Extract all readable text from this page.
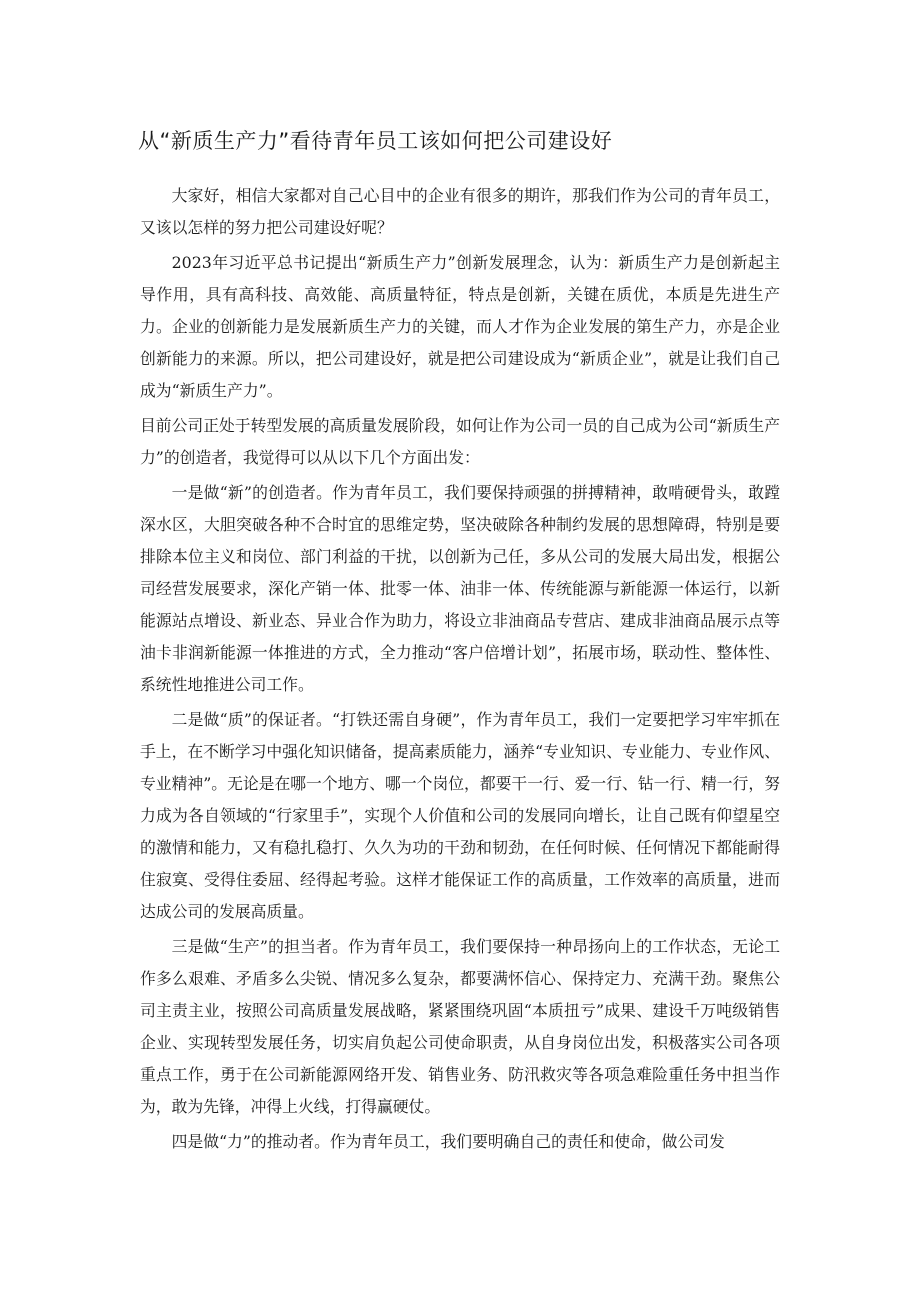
从“新质生产力”看待青年员工该如何把公司建设好

大家好，相信大家都对自己心目中的企业有很多的期许，那我们作为公司的青年员工，又该以怎样的努力把公司建设好呢？

2023年习近平总书记提出“新质生产力”创新发展理念，认为：新质生产力是创新起主导作用，具有高科技、高效能、高质量特征，特点是创新，关键在质优，本质是先进生产力。企业的创新能力是发展新质生产力的关键，而人才作为企业发展的第生产力，亦是企业创新能力的来源。所以，把公司建设好，就是把公司建设成为“新质企业”，就是让我们自己成为“新质生产力”。

目前公司正处于转型发展的高质量发展阶段，如何让作为公司一员的自己成为公司“新质生产力”的创造者，我觉得可以从以下几个方面出发：

一是做“新”的创造者。作为青年员工，我们要保持顽强的拼搏精神，敢啃硬骨头，敢蹚深水区，大胆突破各种不合时宜的思维定势，坚决破除各种制约发展的思想障碍，特别是要排除本位主义和岗位、部门利益的干扰，以创新为己任，多从公司的发展大局出发，根据公司经营发展要求，深化产销一体、批零一体、油非一体、传统能源与新能源一体运行，以新能源站点增设、新业态、异业合作为助力，将设立非油商品专营店、建成非油商品展示点等油卡非润新能源一体推进的方式，全力推动“客户倍增计划”，拓展市场，联动性、整体性、系统性地推进公司工作。

二是做“质”的保证者。“打铁还需自身硬”，作为青年员工，我们一定要把学习牢牢抓在手上，在不断学习中强化知识储备，提高素质能力，涵养“专业知识、专业能力、专业作风、专业精神”。无论是在哪一个地方、哪一个岗位，都要干一行、爱一行、钻一行、精一行，努力成为各自领域的“行家里手”，实现个人价值和公司的发展同向增长，让自己既有仰望星空的激情和能力，又有稳扎稳打、久久为功的干劲和韧劲，在任何时候、任何情况下都能耐得住寂寞、受得住委屈、经得起考验。这样才能保证工作的高质量，工作效率的高质量，进而达成公司的发展高质量。

三是做“生产”的担当者。作为青年员工，我们要保持一种昂扬向上的工作状态，无论工作多么艰难、矛盾多么尖锐、情况多么复杂，都要满怀信心、保持定力、充满干劲。聚焦公司主责主业，按照公司高质量发展战略，紧紧围绕巩固“本质扭亏”成果、建设千万吨级销售企业、实现转型发展任务，切实肩负起公司使命职责，从自身岗位出发，积极落实公司各项重点工作，勇于在公司新能源网络开发、销售业务、防汛救灾等各项急难险重任务中担当作为，敢为先锋，冲得上火线，打得赢硬仗。

四是做“力”的推动者。作为青年员工，我们要明确自己的责任和使命，做公司发
